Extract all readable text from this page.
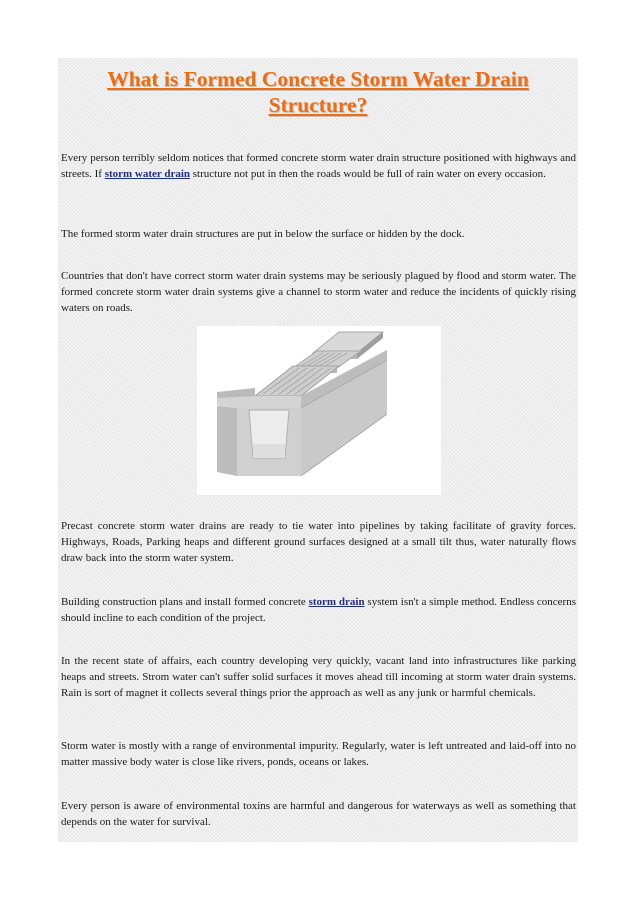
What is Formed Concrete Storm Water Drain Structure?

Every person terribly seldom notices that formed concrete storm water drain structure positioned with highways and streets. If storm water drain structure not put in then the roads would be full of rain water on every occasion.

The formed storm water drain structures are put in below the surface or hidden by the dock.

Countries that don't have correct storm water drain systems may be seriously plagued by flood and storm water. The formed concrete storm water drain systems give a channel to storm water and reduce the incidents of quickly rising waters on roads.

Precast concrete storm water drains are ready to tie water into pipelines by taking facilitate of gravity forces. Highways, Roads, Parking heaps and different ground surfaces designed at a small tilt thus, water naturally flows draw back into the storm water system.

Building construction plans and install formed concrete storm drain system isn't a simple method. Endless concerns should incline to each condition of the project.

In the recent state of affairs, each country developing very quickly, vacant land into infrastructures like parking heaps and streets. Strom water can't suffer solid surfaces it moves ahead till incoming at storm water drain systems. Rain is sort of magnet it collects several things prior the approach as well as any junk or harmful chemicals.

Storm water is mostly with a range of environmental impurity. Regularly, water is left untreated and laid-off into no matter massive body water is close like rivers, ponds, oceans or lakes.

Every person is aware of environmental toxins are harmful and dangerous for waterways as well as something that depends on the water for survival.
